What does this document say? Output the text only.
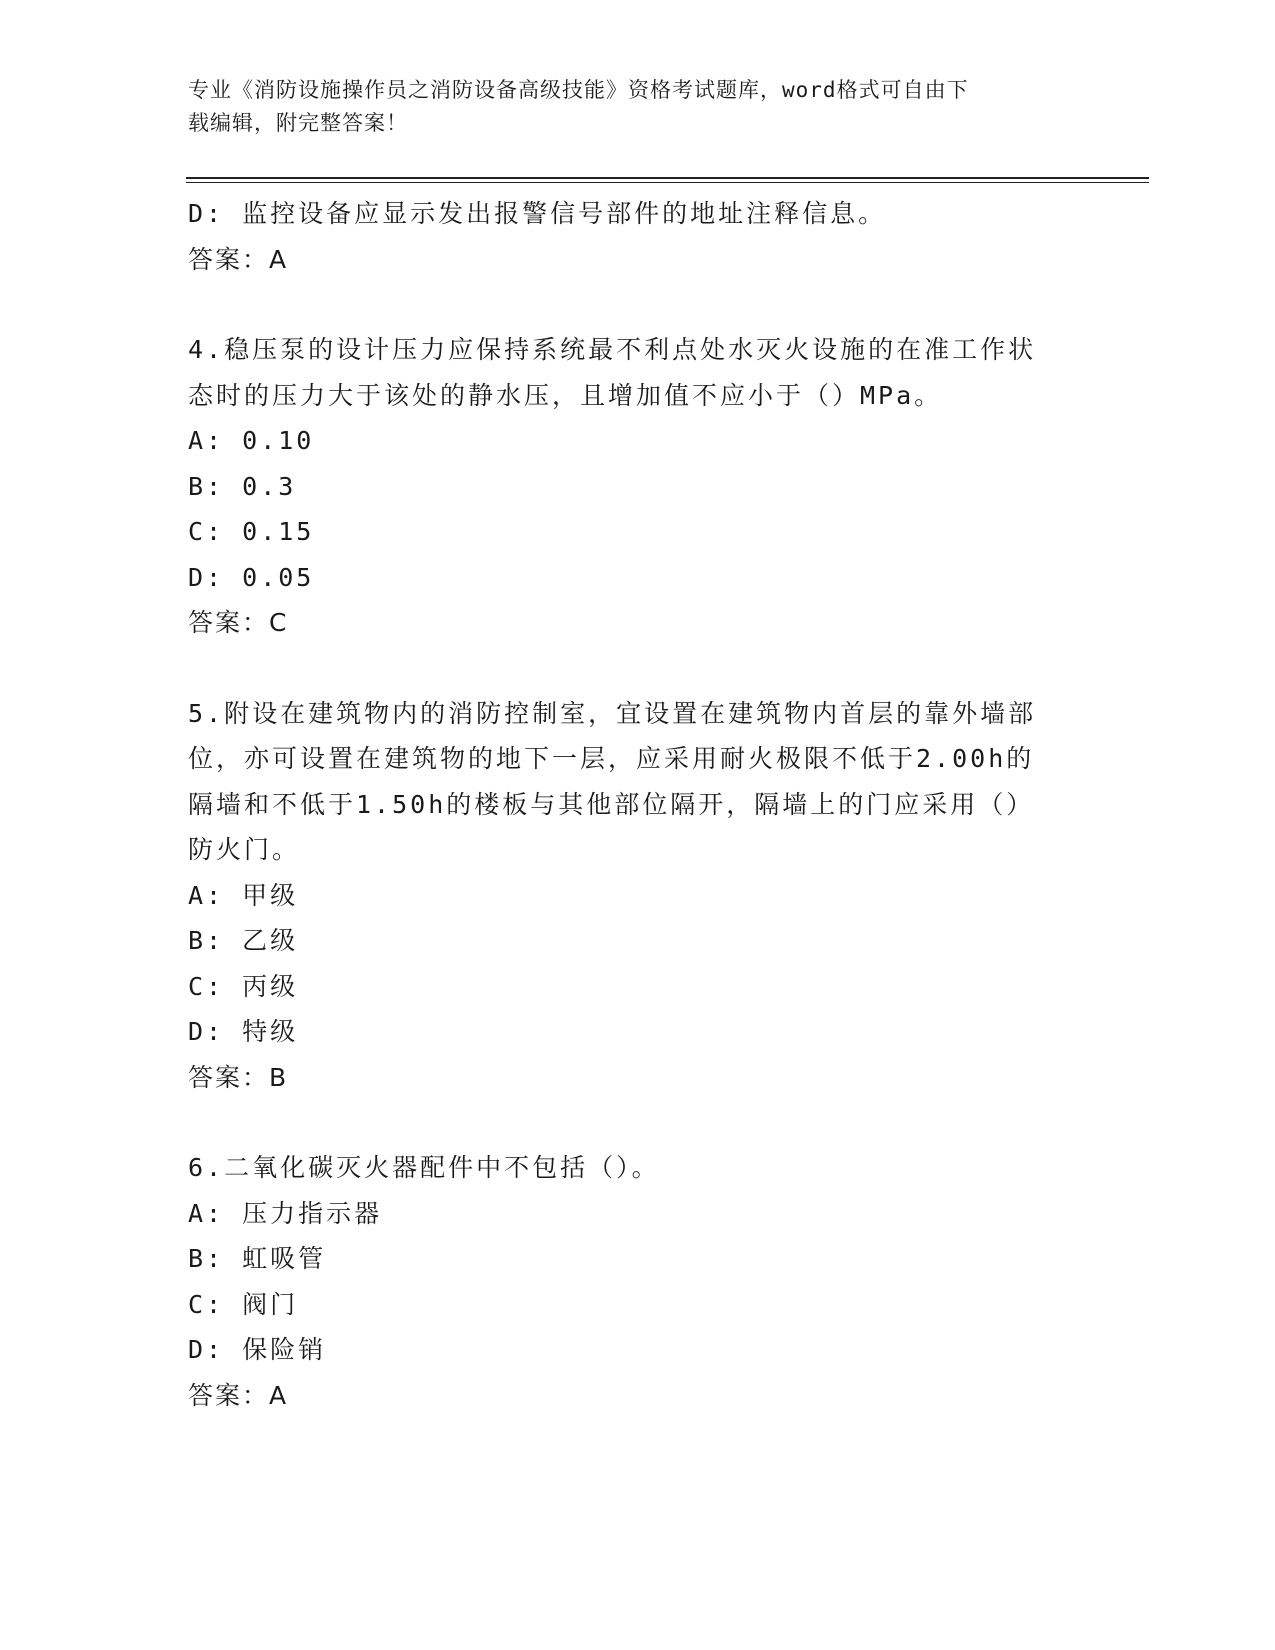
专业《消防设施操作员之消防设备高级技能》资格考试题库，word格式可自由下
载编辑，附完整答案！
D: 监控设备应显示发出报警信号部件的地址注释信息。
答案：A
4.稳压泵的设计压力应保持系统最不利点处水灭火设施的在准工作状
态时的压力大于该处的静水压，且增加值不应小于（）MPa。
A: 0.10
B: 0.3
C: 0.15
D: 0.05
答案：C
5.附设在建筑物内的消防控制室，宜设置在建筑物内首层的靠外墙部
位，亦可设置在建筑物的地下一层，应采用耐火极限不低于2.00h的
隔墙和不低于1.50h的楼板与其他部位隔开，隔墙上的门应采用（）
防火门。
A: 甲级
B: 乙级
C: 丙级
D: 特级
答案：B
6.二氧化碳灭火器配件中不包括（）。
A: 压力指示器
B: 虹吸管
C: 阀门
D: 保险销
答案：A
